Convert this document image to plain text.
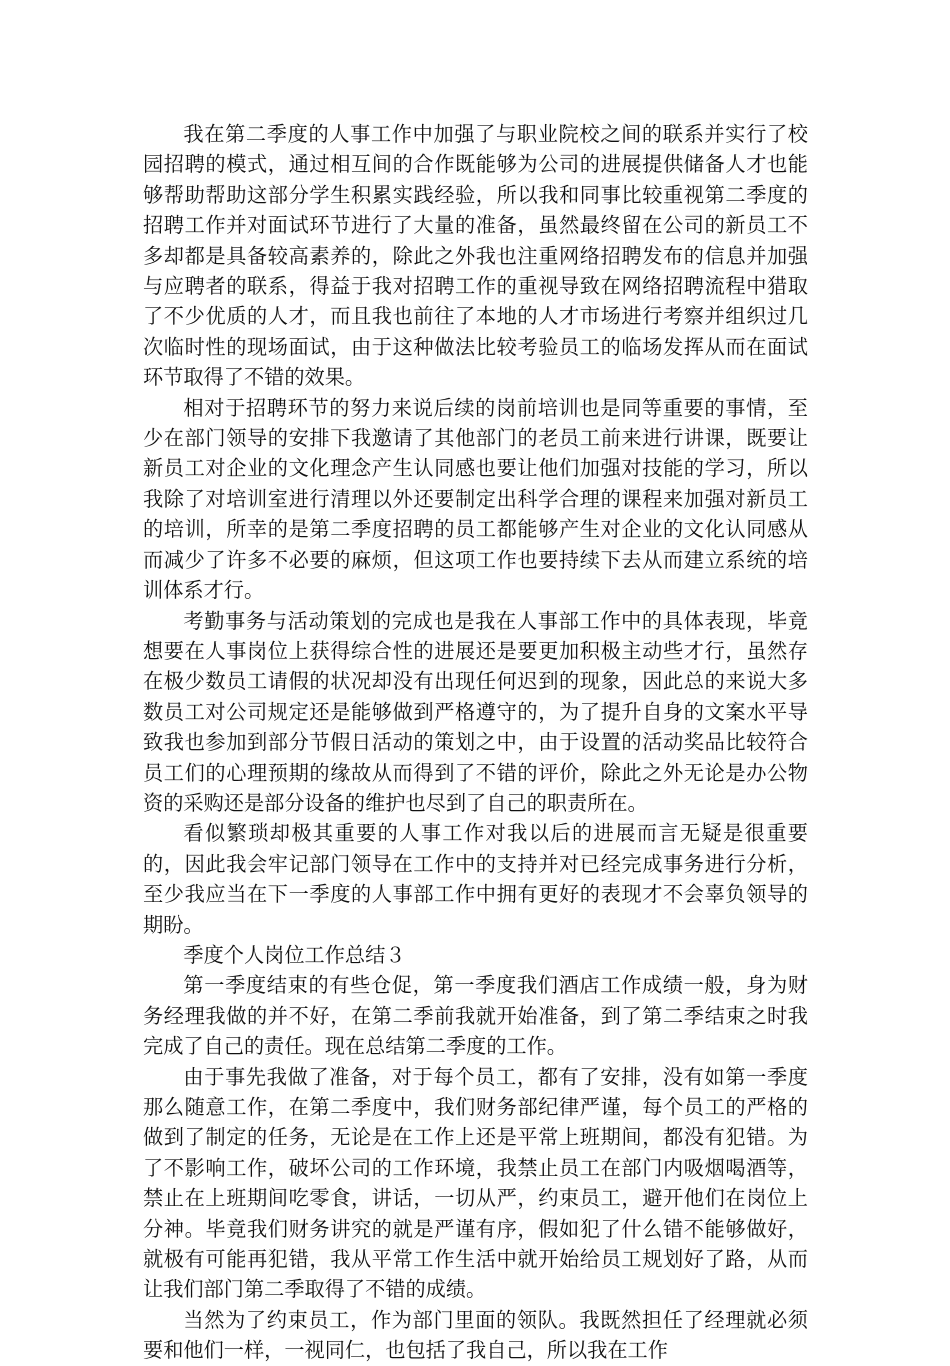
我在第二季度的人事工作中加强了与职业院校之间的联系并实行了校园招聘的模式，通过相互间的合作既能够为公司的进展提供储备人才也能够帮助帮助这部分学生积累实践经验，所以我和同事比较重视第二季度的招聘工作并对面试环节进行了大量的准备，虽然最终留在公司的新员工不多却都是具备较高素养的，除此之外我也注重网络招聘发布的信息并加强与应聘者的联系，得益于我对招聘工作的重视导致在网络招聘流程中猎取了不少优质的人才，而且我也前往了本地的人才市场进行考察并组织过几次临时性的现场面试，由于这种做法比较考验员工的临场发挥从而在面试环节取得了不错的效果。

相对于招聘环节的努力来说后续的岗前培训也是同等重要的事情，至少在部门领导的安排下我邀请了其他部门的老员工前来进行讲课，既要让新员工对企业的文化理念产生认同感也要让他们加强对技能的学习，所以我除了对培训室进行清理以外还要制定出科学合理的课程来加强对新员工的培训，所幸的是第二季度招聘的员工都能够产生对企业的文化认同感从而减少了许多不必要的麻烦，但这项工作也要持续下去从而建立系统的培训体系才行。

考勤事务与活动策划的完成也是我在人事部工作中的具体表现，毕竟想要在人事岗位上获得综合性的进展还是要更加积极主动些才行，虽然存在极少数员工请假的状况却没有出现任何迟到的现象，因此总的来说大多数员工对公司规定还是能够做到严格遵守的，为了提升自身的文案水平导致我也参加到部分节假日活动的策划之中，由于设置的活动奖品比较符合员工们的心理预期的缘故从而得到了不错的评价，除此之外无论是办公物资的采购还是部分设备的维护也尽到了自己的职责所在。

看似繁琐却极其重要的人事工作对我以后的进展而言无疑是很重要的，因此我会牢记部门领导在工作中的支持并对已经完成事务进行分析，至少我应当在下一季度的人事部工作中拥有更好的表现才不会辜负领导的期盼。

季度个人岗位工作总结３

第一季度结束的有些仓促，第一季度我们酒店工作成绩一般，身为财务经理我做的并不好，在第二季前我就开始准备，到了第二季结束之时我完成了自己的责任。现在总结第二季度的工作。

由于事先我做了准备，对于每个员工，都有了安排，没有如第一季度那么随意工作，在第二季度中，我们财务部纪律严谨，每个员工的严格的做到了制定的任务，无论是在工作上还是平常上班期间，都没有犯错。为了不影响工作，破坏公司的工作环境，我禁止员工在部门内吸烟喝酒等，禁止在上班期间吃零食，讲话，一切从严，约束员工，避开他们在岗位上分神。毕竟我们财务讲究的就是严谨有序，假如犯了什么错不能够做好，就极有可能再犯错，我从平常工作生活中就开始给员工规划好了路，从而让我们部门第二季取得了不错的成绩。

当然为了约束员工，作为部门里面的领队。我既然担任了经理就必须要和他们一样，一视同仁，也包括了我自己，所以我在工作
